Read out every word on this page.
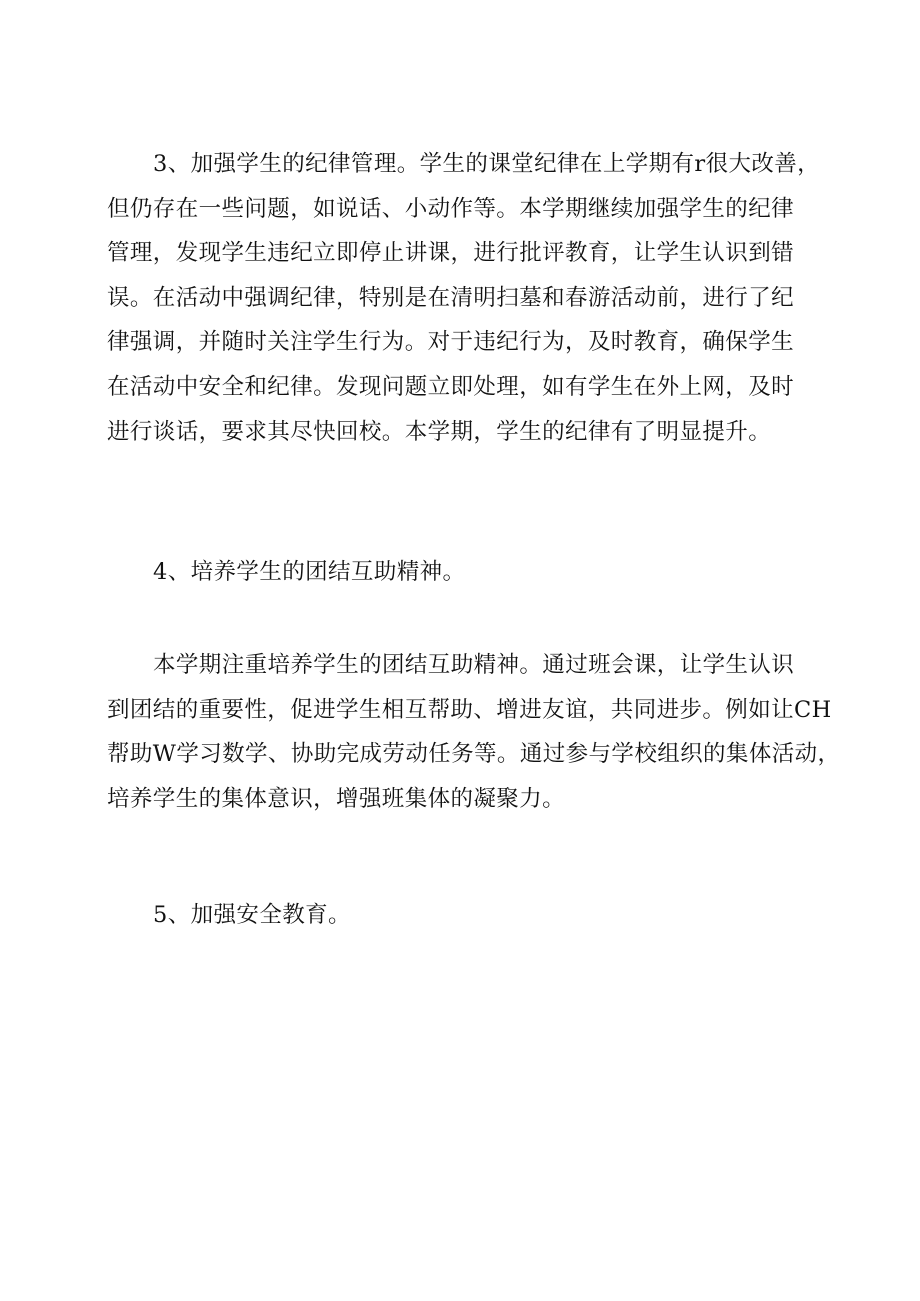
3、加强学生的纪律管理。学生的课堂纪律在上学期有r很大改善，
但仍存在一些问题，如说话、小动作等。本学期继续加强学生的纪律
管理，发现学生违纪立即停止讲课，进行批评教育，让学生认识到错
误。在活动中强调纪律，特别是在清明扫墓和春游活动前，进行了纪
律强调，并随时关注学生行为。对于违纪行为，及时教育，确保学生
在活动中安全和纪律。发现问题立即处理，如有学生在外上网，及时
进行谈话，要求其尽快回校。本学期，学生的纪律有了明显提升。
4、培养学生的团结互助精神。
本学期注重培养学生的团结互助精神。通过班会课，让学生认识
到团结的重要性，促进学生相互帮助、增进友谊，共同进步。例如让CH
帮助W学习数学、协助完成劳动任务等。通过参与学校组织的集体活动，
培养学生的集体意识，增强班集体的凝聚力。
5、加强安全教育。
